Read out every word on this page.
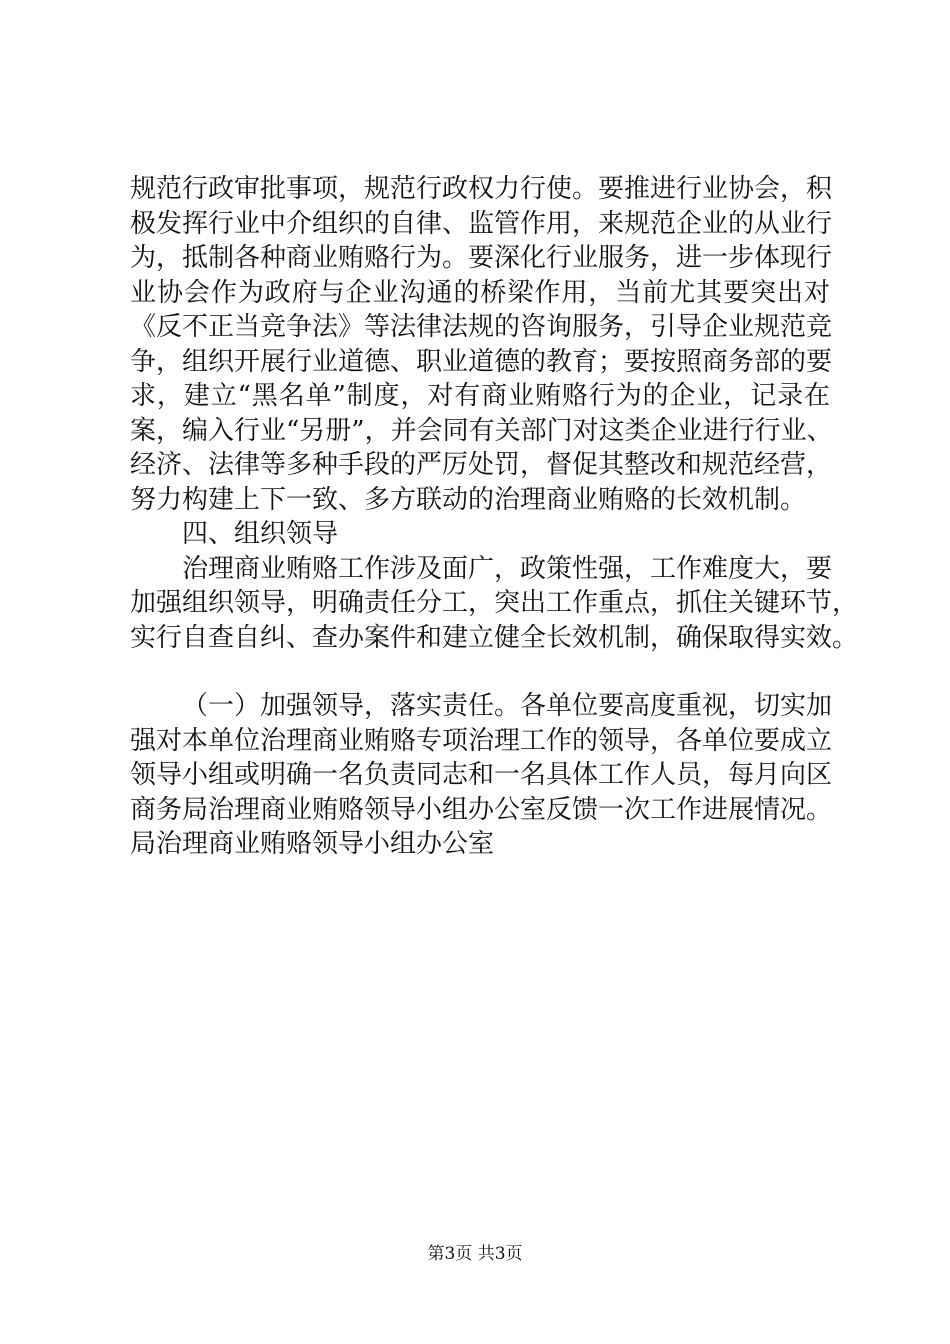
规范行政审批事项，规范行政权力行使。要推进行业协会，积
极发挥行业中介组织的自律、监管作用，来规范企业的从业行
为，抵制各种商业贿赂行为。要深化行业服务，进一步体现行
业协会作为政府与企业沟通的桥梁作用，当前尤其要突出对
《反不正当竞争法》等法律法规的咨询服务，引导企业规范竞
争，组织开展行业道德、职业道德的教育；要按照商务部的要
求，建立“黑名单”制度，对有商业贿赂行为的企业，记录在
案，编入行业“另册”，并会同有关部门对这类企业进行行业、
经济、法律等多种手段的严厉处罚，督促其整改和规范经营，
努力构建上下一致、多方联动的治理商业贿赂的长效机制。
四、组织领导
治理商业贿赂工作涉及面广，政策性强，工作难度大，要
加强组织领导，明确责任分工，突出工作重点，抓住关键环节，
实行自查自纠、查办案件和建立健全长效机制，确保取得实效。
（一）加强领导，落实责任。各单位要高度重视，切实加
强对本单位治理商业贿赂专项治理工作的领导，各单位要成立
领导小组或明确一名负责同志和一名具体工作人员，每月向区
商务局治理商业贿赂领导小组办公室反馈一次工作进展情况。
局治理商业贿赂领导小组办公室
第3页 共3页
